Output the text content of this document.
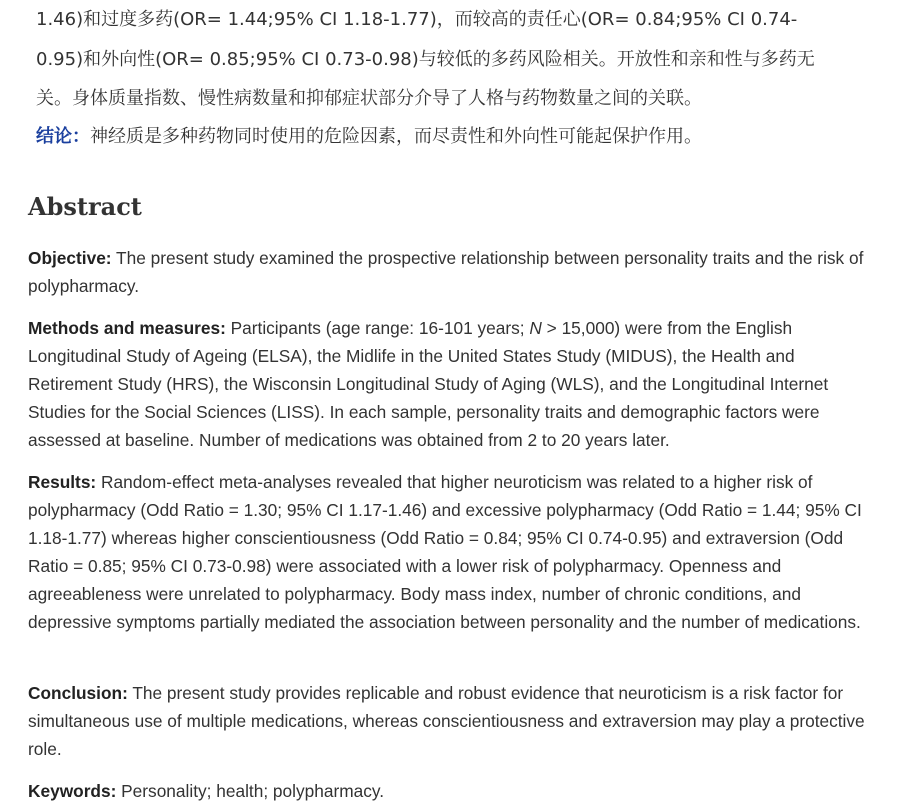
1.46)和过度多药(OR= 1.44;95% CI 1.18-1.77)，而较高的责任心(OR= 0.84;95% CI 0.74-
0.95)和外向性(OR= 0.85;95% CI 0.73-0.98)与较低的多药风险相关。开放性和亲和性与多药无
关。身体质量指数、慢性病数量和抑郁症状部分介导了人格与药物数量之间的关联。
结论：神经质是多种药物同时使用的危险因素，而尽责性和外向性可能起保护作用。
Abstract

Objective: The present study examined the prospective relationship between personality traits and the risk of polypharmacy.

Methods and measures: Participants (age range: 16-101 years; N > 15,000) were from the English Longitudinal Study of Ageing (ELSA), the Midlife in the United States Study (MIDUS), the Health and Retirement Study (HRS), the Wisconsin Longitudinal Study of Aging (WLS), and the Longitudinal Internet Studies for the Social Sciences (LISS). In each sample, personality traits and demographic factors were assessed at baseline. Number of medications was obtained from 2 to 20 years later.

Results: Random-effect meta-analyses revealed that higher neuroticism was related to a higher risk of polypharmacy (Odd Ratio = 1.30; 95% CI 1.17-1.46) and excessive polypharmacy (Odd Ratio = 1.44; 95% CI 1.18-1.77) whereas higher conscientiousness (Odd Ratio = 0.84; 95% CI 0.74-0.95) and extraversion (Odd Ratio = 0.85; 95% CI 0.73-0.98) were associated with a lower risk of polypharmacy. Openness and agreeableness were unrelated to polypharmacy. Body mass index, number of chronic conditions, and depressive symptoms partially mediated the association between personality and the number of medications.

Conclusion: The present study provides replicable and robust evidence that neuroticism is a risk factor for simultaneous use of multiple medications, whereas conscientiousness and extraversion may play a protective role.

Keywords: Personality; health; polypharmacy.
